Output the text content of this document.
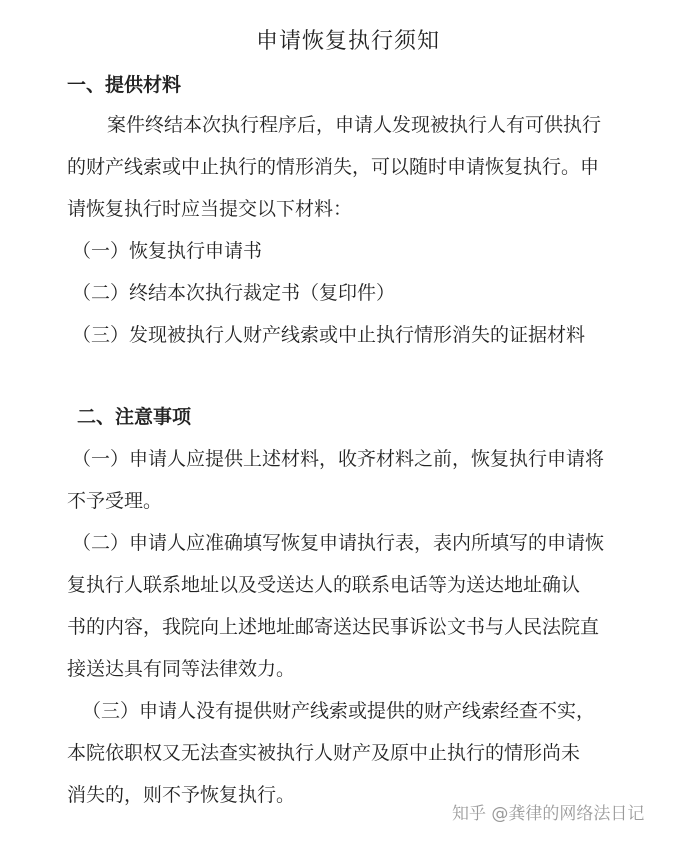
申请恢复执行须知
一、提供材料
案件终结本次执行程序后，申请人发现被执行人有可供执行
的财产线索或中止执行的情形消失，可以随时申请恢复执行。申
请恢复执行时应当提交以下材料：
（一）恢复执行申请书
（二）终结本次执行裁定书（复印件）
（三）发现被执行人财产线索或中止执行情形消失的证据材料
二、注意事项
（一）申请人应提供上述材料，收齐材料之前，恢复执行申请将
不予受理。
（二）申请人应准确填写恢复申请执行表，表内所填写的申请恢
复执行人联系地址以及受送达人的联系电话等为送达地址确认
书的内容，我院向上述地址邮寄送达民事诉讼文书与人民法院直
接送达具有同等法律效力。
（三）申请人没有提供财产线索或提供的财产线索经查不实，
本院依职权又无法查实被执行人财产及原中止执行的情形尚未
消失的，则不予恢复执行。
知乎 @龚律的网络法日记
